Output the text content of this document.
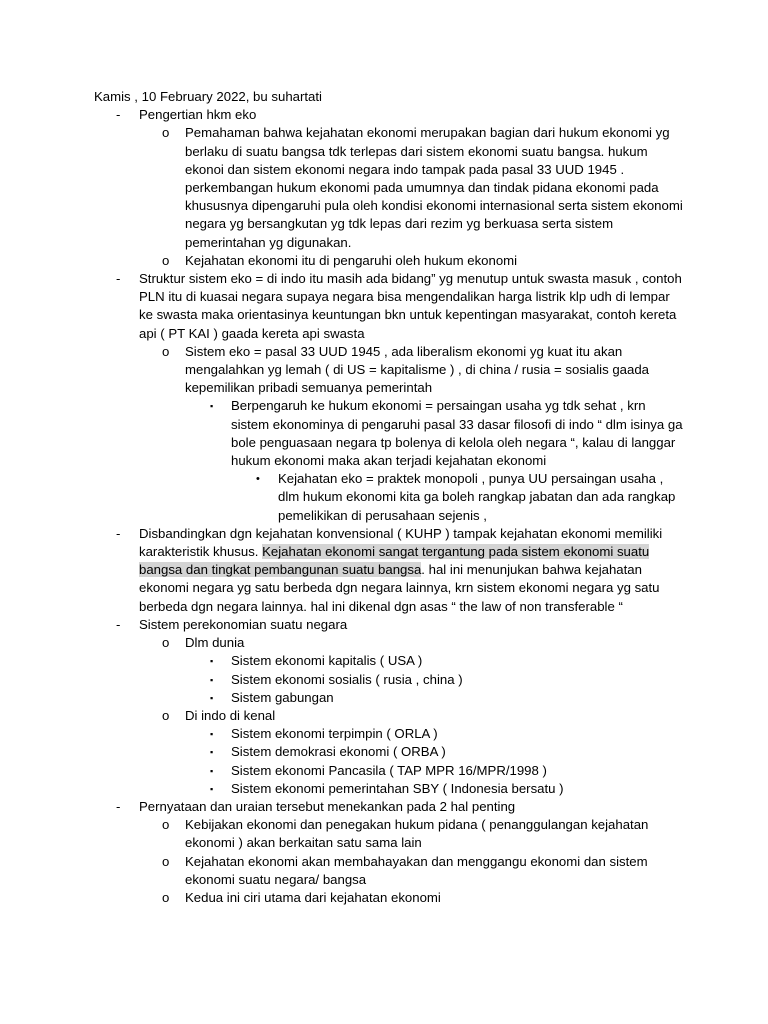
Kamis , 10 February 2022, bu suhartati
- Pengertian hkm eko
o Pemahaman bahwa kejahatan ekonomi merupakan bagian dari hukum ekonomi yg berlaku di suatu bangsa tdk terlepas dari sistem ekonomi suatu bangsa. hukum ekonoi dan sistem ekonomi negara indo tampak pada pasal 33 UUD 1945 . perkembangan hukum ekonomi pada umumnya dan tindak pidana ekonomi pada khususnya dipengaruhi pula oleh kondisi ekonomi internasional serta sistem ekonomi negara yg bersangkutan yg tdk lepas dari rezim yg berkuasa serta sistem pemerintahan yg digunakan.
o Kejahatan ekonomi itu di pengaruhi oleh hukum ekonomi
- Struktur sistem eko = di indo itu masih ada bidang” yg menutup untuk swasta masuk , contoh PLN itu di kuasai negara supaya negara bisa mengendalikan harga listrik klp udh di lempar ke swasta maka orientasinya keuntungan bkn untuk kepentingan masyarakat, contoh kereta api ( PT KAI ) gaada kereta api swasta
o Sistem eko = pasal 33 UUD 1945 , ada liberalism ekonomi yg kuat itu akan mengalahkan yg lemah ( di US = kapitalisme ) , di china / rusia = sosialis gaada kepemilikan pribadi semuanya pemerintah
▪ Berpengaruh ke hukum ekonomi = persaingan usaha yg tdk sehat , krn sistem ekonominya di pengaruhi pasal 33 dasar filosofi di indo “ dlm isinya ga bole penguasaan negara tp bolenya di kelola oleh negara “, kalau di langgar hukum ekonomi maka akan terjadi kejahatan ekonomi
• Kejahatan eko = praktek monopoli , punya UU persaingan usaha , dlm hukum ekonomi kita ga boleh rangkap jabatan dan ada rangkap pemelikikan di perusahaan sejenis ,
- Disbandingkan dgn kejahatan konvensional ( KUHP ) tampak kejahatan ekonomi memiliki karakteristik khusus. Kejahatan ekonomi sangat tergantung pada sistem ekonomi suatu bangsa dan tingkat pembangunan suatu bangsa. hal ini menunjukan bahwa kejahatan ekonomi negara yg satu berbeda dgn negara lainnya, krn sistem ekonomi negara yg satu berbeda dgn negara lainnya. hal ini dikenal dgn asas “ the law of non transferable “
- Sistem perekonomian suatu negara
o Dlm dunia
▪ Sistem ekonomi kapitalis ( USA )
▪ Sistem ekonomi sosialis ( rusia , china )
▪ Sistem gabungan
o Di indo di kenal
▪ Sistem ekonomi terpimpin ( ORLA )
▪ Sistem demokrasi ekonomi ( ORBA )
▪ Sistem ekonomi Pancasila ( TAP MPR 16/MPR/1998 )
▪ Sistem ekonomi pemerintahan SBY ( Indonesia bersatu )
- Pernyataan dan uraian tersebut menekankan pada 2 hal penting
o Kebijakan ekonomi dan penegakan hukum pidana ( penanggulangan kejahatan ekonomi ) akan berkaitan satu sama lain
o Kejahatan ekonomi akan membahayakan dan menggangu ekonomi dan sistem ekonomi suatu negara/ bangsa
o Kedua ini ciri utama dari kejahatan ekonomi
